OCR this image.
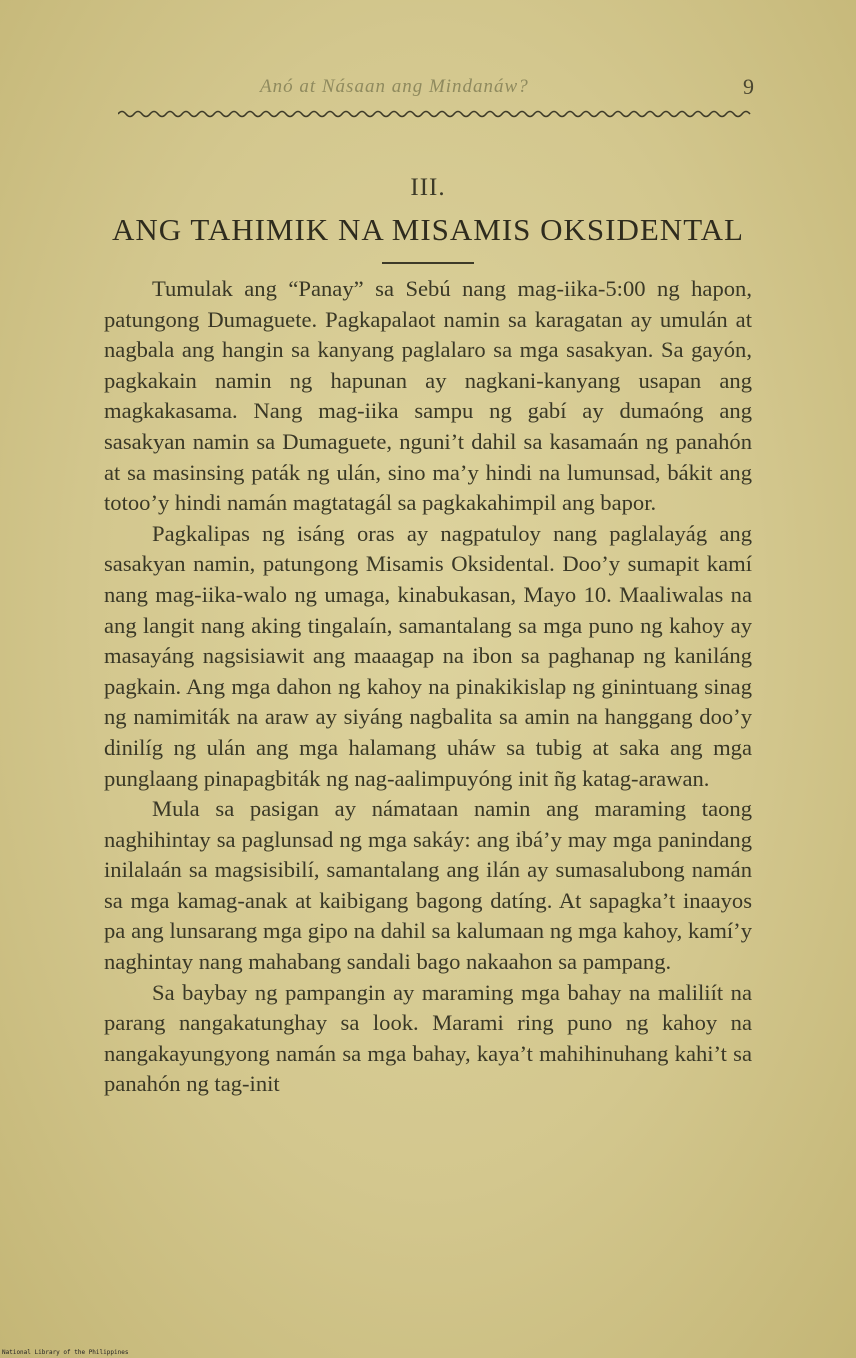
Anó at Násaan ang Mindanáw?	9
III.
ANG TAHIMIK NA MISAMIS OKSIDENTAL

Tumulak ang “Panay” sa Sebú nang mag-iika-5:00 ng hapon, patungong Dumaguete. Pagkapalaot namin sa karagatan ay umulán at nagbala ang hangin sa kanyang paglalaro sa mga sasakyan. Sa gayón, pagkakain namin ng hapunan ay nagkani-kanyang usapan ang magkakasama. Nang mag-iika sampu ng gabí ay dumaóng ang sasakyan namin sa Dumaguete, nguni’t dahil sa kasamaán ng panahón at sa masinsing paták ng ulán, sino ma’y hindi na lumunsad, bákit ang totoo’y hindi namán magtatagál sa pagkakahimpil ang bapor.

Pagkalipas ng isáng oras ay nagpatuloy nang paglalayág ang sasakyan namin, patungong Misamis Oksidental. Doo’y sumapit kamí nang mag-iika-walo ng umaga, kinabukasan, Mayo 10. Maaliwalas na ang langit nang aking tingalaín, samantalang sa mga puno ng kahoy ay masayáng nagsisiawit ang maaagap na ibon sa paghanap ng kaniláng pagkain. Ang mga dahon ng kahoy na pinakikislap ng ginintuang sinag ng namimiták na araw ay siyáng nagbalita sa amin na hanggang doo’y dinilíg ng ulán ang mga halamang uháw sa tubig at saka ang mga punglaang pinapagbiták ng nag-aalimpuyóng init ñg katag-arawan.

Mula sa pasigan ay námataan namin ang maraming taong naghihintay sa paglunsad ng mga sakáy: ang ibá’y may mga panindang inilalaán sa magsisibilí, samantalang ang ilán ay sumasalubong namán sa mga kamag-anak at kaibigang bagong datíng. At sapagka’t inaayos pa ang lunsarang mga gipo na dahil sa kalumaan ng mga kahoy, kamí’y naghintay nang mahabang sandali bago nakaahon sa pampang.

Sa baybay ng pampangin ay maraming mga bahay na maliliít na parang nangakatunghay sa look. Marami ring puno ng kahoy na nangakayungyong namán sa mga bahay, kaya’t mahihinuhang kahi’t sa panahón ng tag-init

National Library of the Philippines
